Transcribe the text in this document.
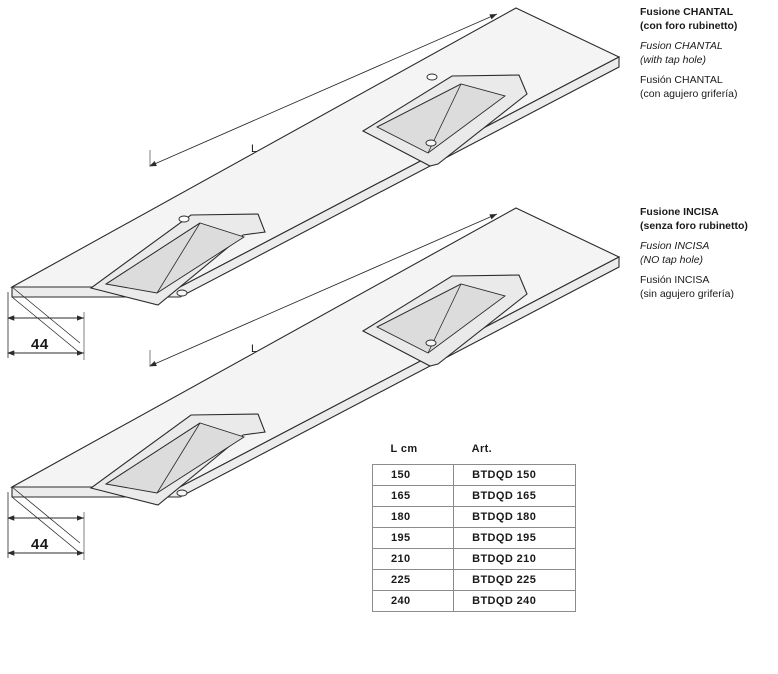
44
44
L
L
Fusione CHANTAL
(con foro rubinetto)
Fusion CHANTAL
(with tap hole)
Fusión CHANTAL
(con agujero grifería)
Fusione INCISA
(senza foro rubinetto)
Fusion INCISA
(NO tap hole)
Fusión INCISA
(sin agujero grifería)
L cm	Art.
150	BTDQD 150
165	BTDQD 165
180	BTDQD 180
195	BTDQD 195
210	BTDQD 210
225	BTDQD 225
240	BTDQD 240
